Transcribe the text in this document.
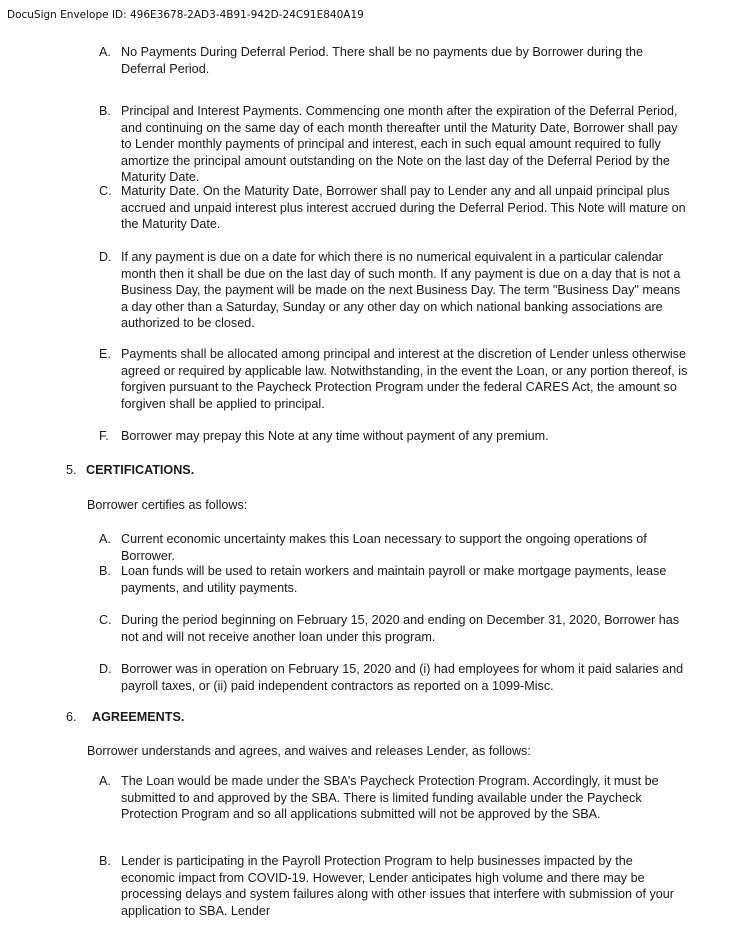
DocuSign Envelope ID: 496E3678-2AD3-4B91-942D-24C91E840A19
A. No Payments During Deferral Period. There shall be no payments due by Borrower during the Deferral Period.
B. Principal and Interest Payments. Commencing one month after the expiration of the Deferral Period, and continuing on the same day of each month thereafter until the Maturity Date, Borrower shall pay to Lender monthly payments of principal and interest, each in such equal amount required to fully amortize the principal amount outstanding on the Note on the last day of the Deferral Period by the Maturity Date.
C. Maturity Date. On the Maturity Date, Borrower shall pay to Lender any and all unpaid principal plus accrued and unpaid interest plus interest accrued during the Deferral Period. This Note will mature on the Maturity Date.
D. If any payment is due on a date for which there is no numerical equivalent in a particular calendar month then it shall be due on the last day of such month. If any payment is due on a day that is not a Business Day, the payment will be made on the next Business Day. The term "Business Day" means a day other than a Saturday, Sunday or any other day on which national banking associations are authorized to be closed.
E. Payments shall be allocated among principal and interest at the discretion of Lender unless otherwise agreed or required by applicable law. Notwithstanding, in the event the Loan, or any portion thereof, is forgiven pursuant to the Paycheck Protection Program under the federal CARES Act, the amount so forgiven shall be applied to principal.
F. Borrower may prepay this Note at any time without payment of any premium.
5. CERTIFICATIONS.
Borrower certifies as follows:
A. Current economic uncertainty makes this Loan necessary to support the ongoing operations of Borrower.
B. Loan funds will be used to retain workers and maintain payroll or make mortgage payments, lease payments, and utility payments.
C. During the period beginning on February 15, 2020 and ending on December 31, 2020, Borrower has not and will not receive another loan under this program.
D. Borrower was in operation on February 15, 2020 and (i) had employees for whom it paid salaries and payroll taxes, or (ii) paid independent contractors as reported on a 1099-Misc.
6. AGREEMENTS.
Borrower understands and agrees, and waives and releases Lender, as follows:
A. The Loan would be made under the SBA’s Paycheck Protection Program. Accordingly, it must be submitted to and approved by the SBA. There is limited funding available under the Paycheck Protection Program and so all applications submitted will not be approved by the SBA.
B. Lender is participating in the Payroll Protection Program to help businesses impacted by the economic impact from COVID-19. However, Lender anticipates high volume and there may be processing delays and system failures along with other issues that interfere with submission of your application to SBA. Lender
